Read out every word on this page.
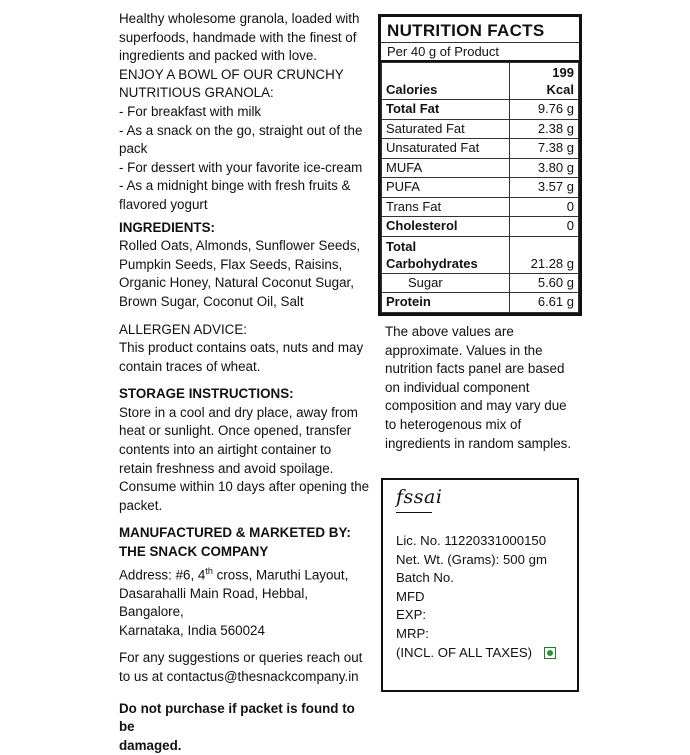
Healthy wholesome granola, loaded with

superfoods, handmade with the finest of

ingredients and packed with love.

ENJOY A BOWL OF OUR CRUNCHY

NUTRITIOUS GRANOLA:

- For breakfast with milk

- As a snack on the go, straight out of the

pack

- For dessert with your favorite ice-cream

- As a midnight binge with fresh fruits &

flavored yogurt

INGREDIENTS:

Rolled Oats, Almonds, Sunflower Seeds,

Pumpkin Seeds, Flax Seeds, Raisins,

Organic Honey, Natural Coconut Sugar,

Brown Sugar, Coconut Oil, Salt

ALLERGEN ADVICE:

This product contains oats, nuts and may

contain traces of wheat.

STORAGE INSTRUCTIONS:

Store in a cool and dry place, away from

heat or sunlight. Once opened, transfer

contents into an airtight container to

retain freshness and avoid spoilage.

Consume within 10 days after opening the

packet.

MANUFACTURED & MARKETED BY:

THE SNACK COMPANY

Address: #6, 4th cross, Maruthi Layout,

Dasarahalli Main Road, Hebbal, Bangalore,

Karnataka, India 560024

For any suggestions or queries reach out

to us at contactus@thesnackcompany.in

Do not purchase if packet is found to be

damaged.

NUTRITION FACTS
Per 40 g of Product
Calories	199
Kcal

Total Fat	9.76 g
Saturated Fat	2.38 g
Unsaturated Fat	7.38 g
MUFA	3.80 g
PUFA	3.57 g
Trans Fat	0
Cholesterol	0

Total
Carbohydrates	21.28 g
Sugar	5.60 g
Protein	6.61 g

The above values are

approximate. Values in the

nutrition facts panel are based

on individual component

composition and may vary due

to heterogenous mix of

ingredients in random samples.

fssai

Lic. No. 11220331000150

Net. Wt. (Grams): 500 gm

Batch No.

MFD

EXP:

MRP:

(INCL. OF ALL TAXES)
